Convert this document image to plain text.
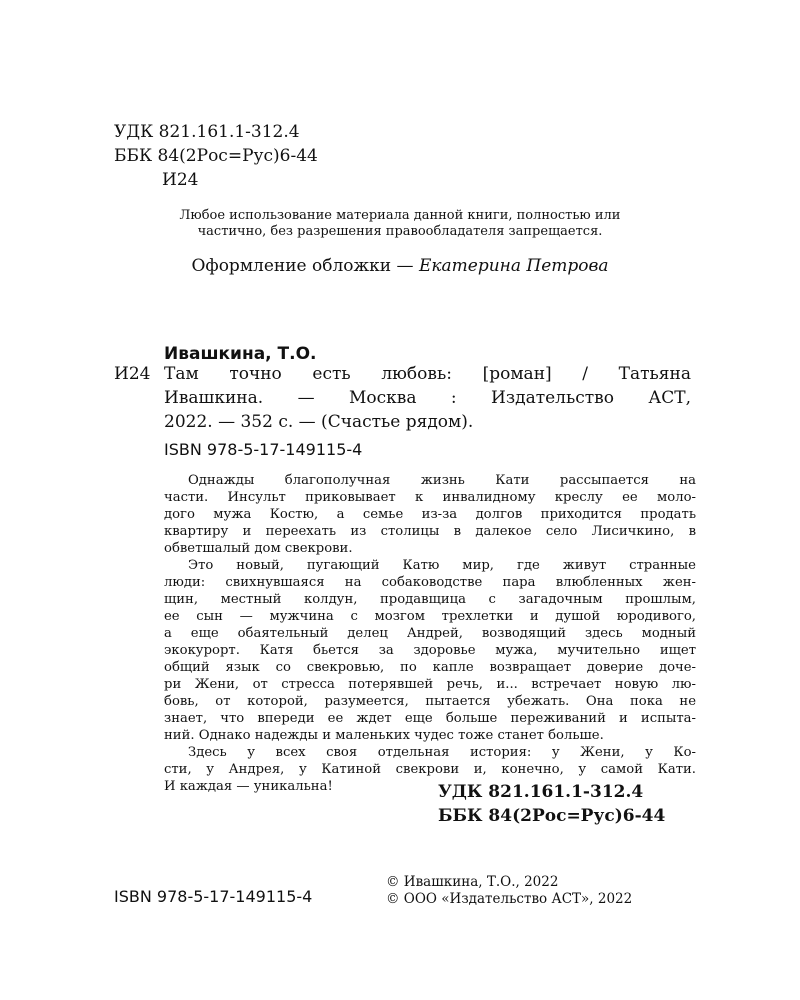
УДК 821.161.1-312.4
ББК 84(2Рос=Рус)6-44
И24
Любое использование материала данной книги, полностью или
частично, без разрешения правообладателя запрещается.
Оформление обложки — Екатерина Петрова
Ивашкина, Т.О.
И24 Там точно есть любовь: [роман] / Татьяна
Ивашкина. — Москва : Издательство АСТ,
2022. — 352 с. — (Счастье рядом).
ISBN 978-5-17-149115-4
Однажды благополучная жизнь Кати рассыпается на
части. Инсульт приковывает к инвалидному креслу ее моло-
дого мужа Костю, а семье из-за долгов приходится продать
квартиру и переехать из столицы в далекое село Лисичкино, в
обветшалый дом свекрови.
Это новый, пугающий Катю мир, где живут странные
люди: свихнувшаяся на собаководстве пара влюбленных жен-
щин, местный колдун, продавщица с загадочным прошлым,
ее сын — мужчина с мозгом трехлетки и душой юродивого,
а еще обаятельный делец Андрей, возводящий здесь модный
экокурорт. Катя бьется за здоровье мужа, мучительно ищет
общий язык со свекровью, по капле возвращает доверие доче-
ри Жени, от стресса потерявшей речь, и... встречает новую лю-
бовь, от которой, разумеется, пытается убежать. Она пока не
знает, что впереди ее ждет еще больше переживаний и испыта-
ний. Однако надежды и маленьких чудес тоже станет больше.
Здесь у всех своя отдельная история: у Жени, у Ко-
сти, у Андрея, у Катиной свекрови и, конечно, у самой Кати.
И каждая — уникальна!	УДК 821.161.1-312.4
ББК 84(2Рос=Рус)6-44
ISBN 978-5-17-149115-4
© Ивашкина, Т.О., 2022
© ООО «Издательство АСТ», 2022
